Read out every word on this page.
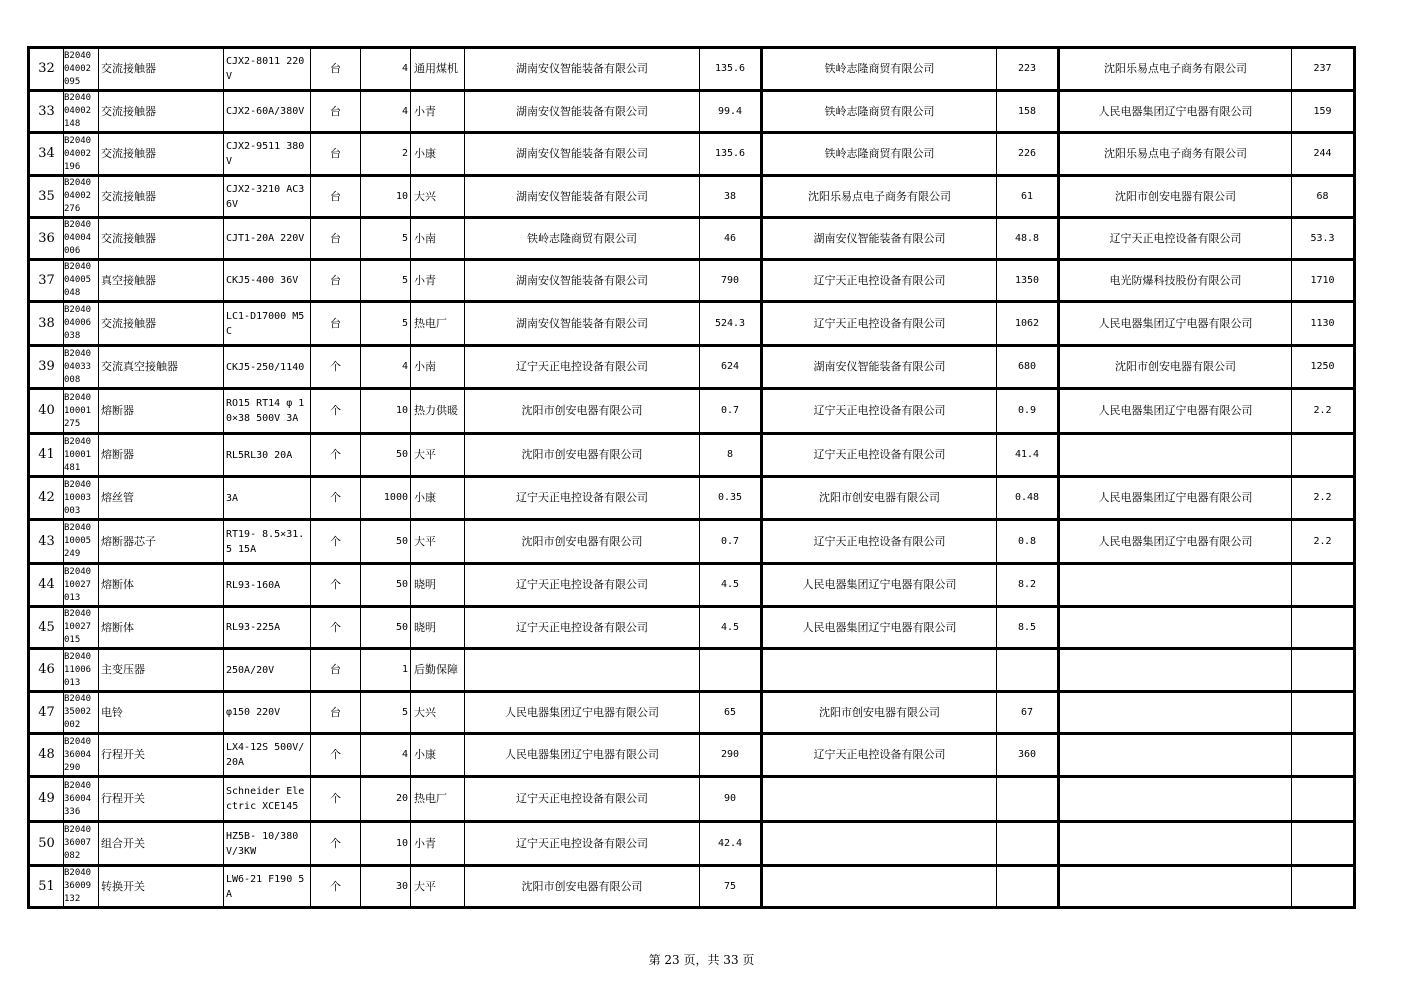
32	B2040 04002 095	交流接触器	CJX2-8011 220V	台	4	通用煤机	湖南安仪智能装备有限公司	135.6	铁岭志隆商贸有限公司	223	沈阳乐易点电子商务有限公司	237
33	B2040 04002 148	交流接触器	CJX2-60A/380V	台	4	小青	湖南安仪智能装备有限公司	99.4	铁岭志隆商贸有限公司	158	人民电器集团辽宁电器有限公司	159
34	B2040 04002 196	交流接触器	CJX2-9511 380V	台	2	小康	湖南安仪智能装备有限公司	135.6	铁岭志隆商贸有限公司	226	沈阳乐易点电子商务有限公司	244
35	B2040 04002 276	交流接触器	CJX2-3210 AC36V	台	10	大兴	湖南安仪智能装备有限公司	38	沈阳乐易点电子商务有限公司	61	沈阳市创安电器有限公司	68
36	B2040 04004 006	交流接触器	CJT1-20A 220V	台	5	小南	铁岭志隆商贸有限公司	46	湖南安仪智能装备有限公司	48.8	辽宁天正电控设备有限公司	53.3
37	B2040 04005 048	真空接触器	CKJ5-400 36V	台	5	小青	湖南安仪智能装备有限公司	790	辽宁天正电控设备有限公司	1350	电光防爆科技股份有限公司	1710
38	B2040 04006 038	交流接触器	LC1-D17000 M5C	台	5	热电厂	湖南安仪智能装备有限公司	524.3	辽宁天正电控设备有限公司	1062	人民电器集团辽宁电器有限公司	1130
39	B2040 04033 008	交流真空接触器	CKJ5-250/1140	个	4	小南	辽宁天正电控设备有限公司	624	湖南安仪智能装备有限公司	680	沈阳市创安电器有限公司	1250
40	B2040 10001 275	熔断器	RO15 RT14 φ 10×38 500V 3A	个	10	热力供暖	沈阳市创安电器有限公司	0.7	辽宁天正电控设备有限公司	0.9	人民电器集团辽宁电器有限公司	2.2
41	B2040 10001 481	熔断器	RL5RL30 20A	个	50	大平	沈阳市创安电器有限公司	8	辽宁天正电控设备有限公司	41.4		
42	B2040 10003 003	熔丝管	3A	个	1000	小康	辽宁天正电控设备有限公司	0.35	沈阳市创安电器有限公司	0.48	人民电器集团辽宁电器有限公司	2.2
43	B2040 10005 249	熔断器芯子	RT19- 8.5×31.5 15A	个	50	大平	沈阳市创安电器有限公司	0.7	辽宁天正电控设备有限公司	0.8	人民电器集团辽宁电器有限公司	2.2
44	B2040 10027 013	熔断体	RL93-160A	个	50	晓明	辽宁天正电控设备有限公司	4.5	人民电器集团辽宁电器有限公司	8.2		
45	B2040 10027 015	熔断体	RL93-225A	个	50	晓明	辽宁天正电控设备有限公司	4.5	人民电器集团辽宁电器有限公司	8.5		
46	B2040 11006 013	主变压器	250A/20V	台	1	后勤保障						
47	B2040 35002 002	电铃	φ150 220V	台	5	大兴	人民电器集团辽宁电器有限公司	65	沈阳市创安电器有限公司	67		
48	B2040 36004 290	行程开关	LX4-12S 500V/20A	个	4	小康	人民电器集团辽宁电器有限公司	290	辽宁天正电控设备有限公司	360		
49	B2040 36004 336	行程开关	Schneider Electric XCE145	个	20	热电厂	辽宁天正电控设备有限公司	90				
50	B2040 36007 082	组合开关	HZ5B- 10/380V/3KW	个	10	小青	辽宁天正电控设备有限公司	42.4				
51	B2040 36009 132	转换开关	LW6-21 F190 5A	个	30	大平	沈阳市创安电器有限公司	75				
第 23 页，共 33 页
